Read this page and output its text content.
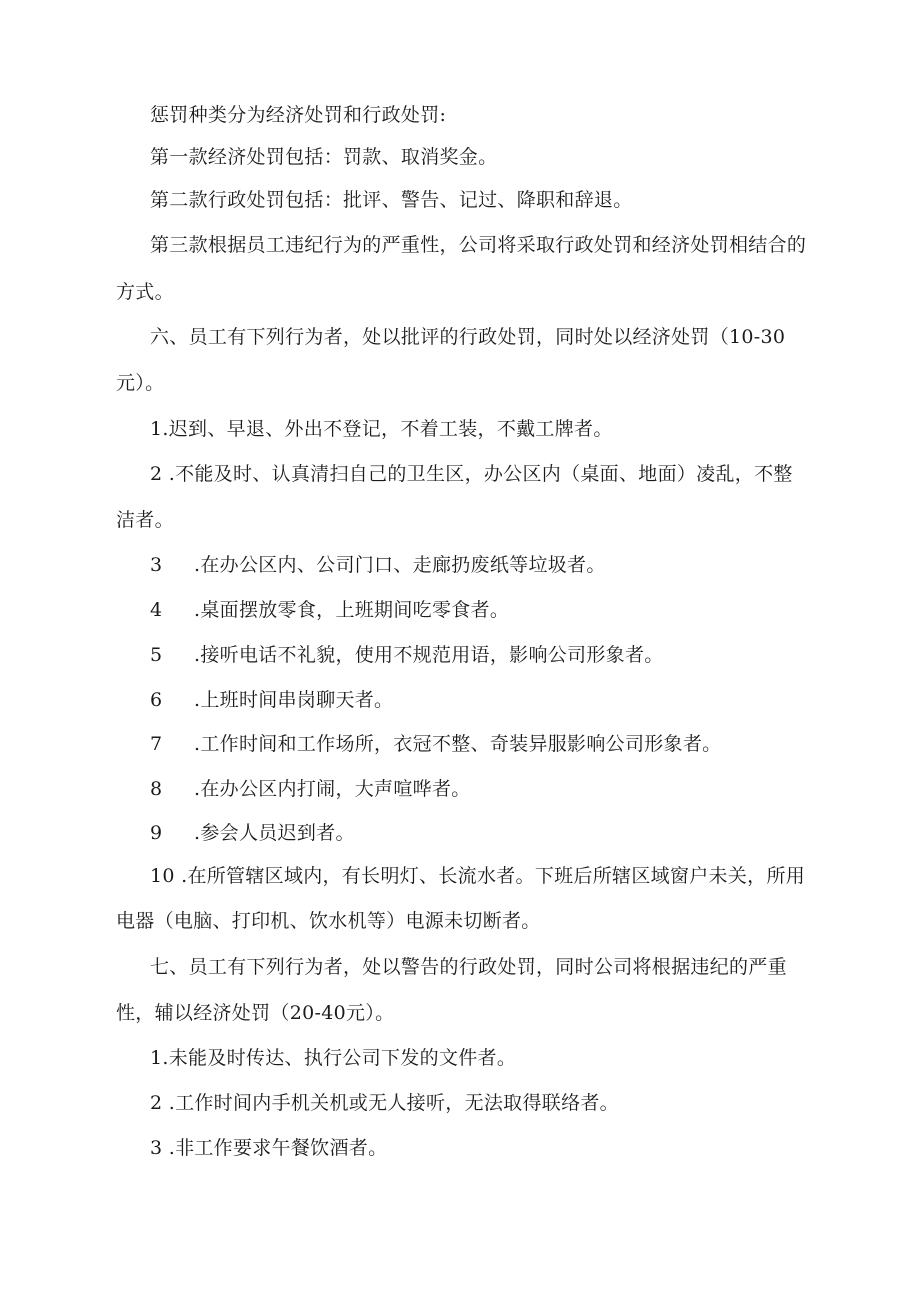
惩罚种类分为经济处罚和行政处罚:
第一款经济处罚包括：罚款、取消奖金。
第二款行政处罚包括：批评、警告、记过、降职和辞退。
第三款根据员工违纪行为的严重性，公司将采取行政处罚和经济处罚相结合的
方式。
六、员工有下列行为者，处以批评的行政处罚，同时处以经济处罚（10-30
元）。
1.迟到、早退、外出不登记，不着工装，不戴工牌者。
2 .不能及时、认真清扫自己的卫生区，办公区内（桌面、地面）凌乱，不整
洁者。
3 .在办公区内、公司门口、走廊扔废纸等垃圾者。
4 .桌面摆放零食，上班期间吃零食者。
5 .接听电话不礼貌，使用不规范用语，影响公司形象者。
6 .上班时间串岗聊天者。
7 .工作时间和工作场所，衣冠不整、奇装异服影响公司形象者。
8 .在办公区内打闹，大声喧哗者。
9 .参会人员迟到者。
10 .在所管辖区域内，有长明灯、长流水者。下班后所辖区域窗户未关，所用
电器（电脑、打印机、饮水机等）电源未切断者。
七、员工有下列行为者，处以警告的行政处罚，同时公司将根据违纪的严重
性，辅以经济处罚（20-40元）。
1.未能及时传达、执行公司下发的文件者。
2 .工作时间内手机关机或无人接听，无法取得联络者。
3 .非工作要求午餐饮酒者。
